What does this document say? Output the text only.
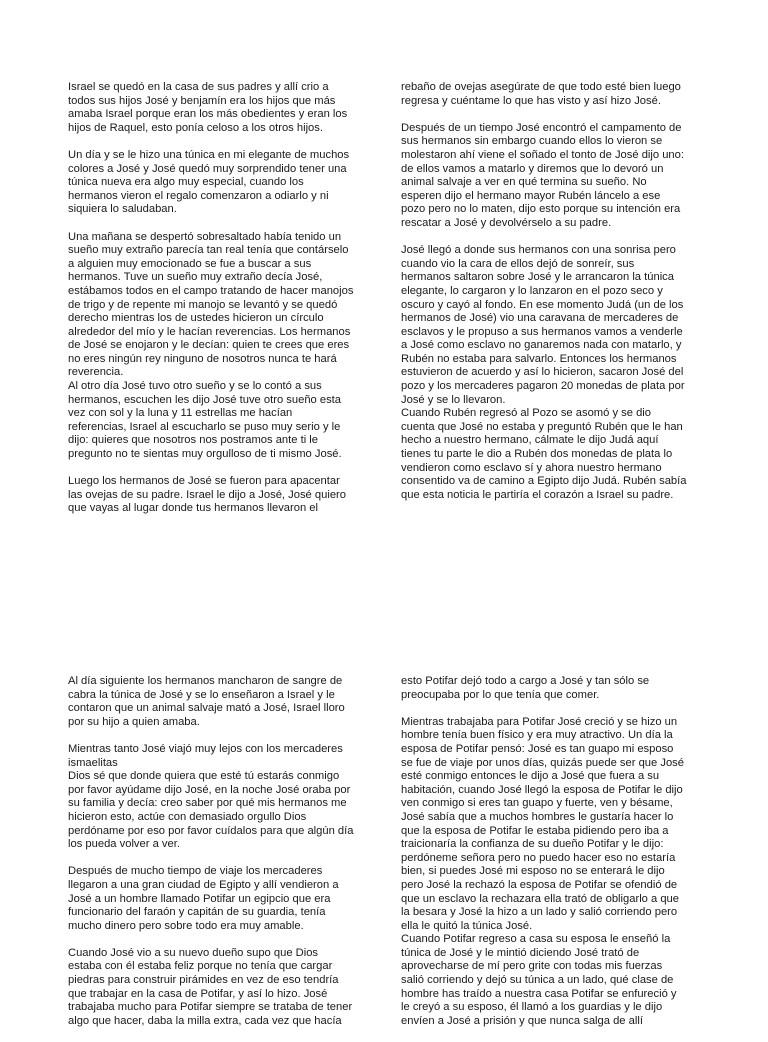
Israel se quedó en la casa de sus padres y allí crio a
todos sus hijos José y benjamín era los hijos que más
amaba Israel porque eran los más obedientes y eran los
hijos de Raquel, esto ponía celoso a los otros hijos.

Un día y se le hizo una túnica en mi elegante de muchos
colores a José y José quedó muy sorprendido tener una
túnica nueva era algo muy especial, cuando los
hermanos vieron el regalo comenzaron a odiarlo y ni
siquiera lo saludaban.

Una mañana se despertó sobresaltado había tenido un
sueño muy extraño parecía tan real tenía que contárselo
a alguien muy emocionado se fue a buscar a sus
hermanos. Tuve un sueño muy extraño decía José,
estábamos todos en el campo tratando de hacer manojos
de trigo y de repente mi manojo se levantó y se quedó
derecho mientras los de ustedes hicieron un círculo
alrededor del mío y le hacían reverencias. Los hermanos
de José se enojaron y le decían: quien te crees que eres
no eres ningún rey ninguno de nosotros nunca te hará
reverencia.

Al otro día José tuvo otro sueño y se lo contó a sus
hermanos, escuchen les dijo José tuve otro sueño esta
vez con sol y la luna y 11 estrellas me hacían
referencias, Israel al escucharlo se puso muy serio y le
dijo: quieres que nosotros nos postramos ante ti le
pregunto no te sientas muy orgulloso de ti mismo José.

Luego los hermanos de José se fueron para apacentar
las ovejas de su padre. Israel le dijo a José, José quiero
que vayas al lugar donde tus hermanos llevaron el

rebaño de ovejas asegúrate de que todo esté bien luego
regresa y cuéntame lo que has visto y así hizo José.

Después de un tiempo José encontró el campamento de
sus hermanos sin embargo cuando ellos lo vieron se
molestaron ahí viene el soñado el tonto de José dijo uno:
de ellos vamos a matarlo y diremos que lo devoró un
animal salvaje a ver en qué termina su sueño. No
esperen dijo el hermano mayor Rubén láncelo a ese
pozo pero no lo maten, dijo esto porque su intención era
rescatar a José y devolvérselo a su padre.

José llegó a donde sus hermanos con una sonrisa pero
cuando vio la cara de ellos dejó de sonreír, sus
hermanos saltaron sobre José y le arrancaron la túnica
elegante, lo cargaron y lo lanzaron en el pozo seco y
oscuro y cayó al fondo. En ese momento Judá (un de los
hermanos de José) vio una caravana de mercaderes de
esclavos y le propuso a sus hermanos vamos a venderle
a José como esclavo no ganaremos nada con matarlo, y
Rubén no estaba para salvarlo. Entonces los hermanos
estuvieron de acuerdo y así lo hicieron, sacaron José del
pozo y los mercaderes pagaron 20 monedas de plata por
José y se lo llevaron.

Cuando Rubén regresó al Pozo se asomó y se dio
cuenta que José no estaba y preguntó Rubén que le han
hecho a nuestro hermano, cálmate le dijo Judá aquí
tienes tu parte le dio a Rubén dos monedas de plata lo
vendieron como esclavo sí y ahora nuestro hermano
consentido va de camino a Egipto dijo Judá. Rubén sabía
que esta noticia le partiría el corazón a Israel su padre.

Al día siguiente los hermanos mancharon de sangre de
cabra la túnica de José y se lo enseñaron a Israel y le
contaron que un animal salvaje mató a José, Israel lloro
por su hijo a quien amaba.

Mientras tanto José viajó muy lejos con los mercaderes
ismaelitas

Dios sé que donde quiera que esté tú estarás conmigo
por favor ayúdame dijo José, en la noche José oraba por
su familia y decía: creo saber por qué mis hermanos me
hicieron esto, actúe con demasiado orgullo Dios
perdóname por eso por favor cuídalos para que algún día
los pueda volver a ver.

Después de mucho tiempo de viaje los mercaderes
llegaron a una gran ciudad de Egipto y allí vendieron a
José a un hombre llamado Potifar un egipcio que era
funcionario del faraón y capitán de su guardia, tenía
mucho dinero pero sobre todo era muy amable.

Cuando José vio a su nuevo dueño supo que Dios
estaba con él estaba feliz porque no tenía que cargar
piedras para construir pirámides en vez de eso tendría
que trabajar en la casa de Potifar, y así lo hizo. José
trabajaba mucho para Potifar siempre se trataba de tener
algo que hacer, daba la milla extra, cada vez que hacía

esto Potifar dejó todo a cargo a José y tan sólo se
preocupaba por lo que tenía que comer.

Mientras trabajaba para Potifar José creció y se hizo un
hombre tenía buen físico y era muy atractivo. Un día la
esposa de Potifar pensó: José es tan guapo mi esposo
se fue de viaje por unos días, quizás puede ser que José
esté conmigo entonces le dijo a José que fuera a su
habitación, cuando José llegó la esposa de Potifar le dijo
ven conmigo si eres tan guapo y fuerte, ven y bésame,
José sabía que a muchos hombres le gustaría hacer lo
que la esposa de Potifar le estaba pidiendo pero iba a
traicionaría la confianza de su dueño Potifar y le dijo:
perdóneme señora pero no puedo hacer eso no estaría
bien, si puedes José mi esposo no se enterará le dijo
pero José la rechazó la esposa de Potifar se ofendió de
que un esclavo la rechazara ella trató de obligarlo a que
la besara y José la hizo a un lado y salió corriendo pero
ella le quitó la túnica José.

Cuando Potifar regreso a casa su esposa le enseñó la
túnica de José y le mintió diciendo José trató de
aprovecharse de mí pero grite con todas mis fuerzas
salió corriendo y dejó su túnica a un lado, qué clase de
hombre has traído a nuestra casa Potifar se enfureció y
le creyó a su esposo, él llamó a los guardias y le dijo
envíen a José a prisión y que nunca salga de allí
